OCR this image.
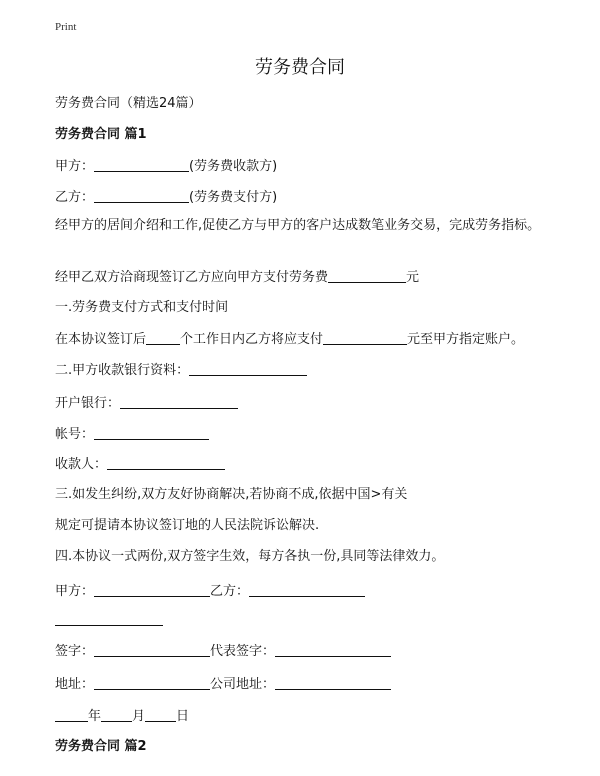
Print
劳务费合同
劳务费合同（精选24篇）
劳务费合同 篇1
甲方：	(劳务费收款方)
乙方：	(劳务费支付方)
经甲方的居间介绍和工作,促使乙方与甲方的客户达成数笔业务交易，完成劳务指标。
经甲乙双方洽商现签订乙方应向甲方支付劳务费	元
一.劳务费支付方式和支付时间
在本协议签订后	个工作日内乙方将应支付	元至甲方指定账户。
二.甲方收款银行资料：
开户银行：
帐号：
收款人：
三.如发生纠纷,双方友好协商解决,若协商不成,依据中国>有关
规定可提请本协议签订地的人民法院诉讼解决.
四.本协议一式两份,双方签字生效，每方各执一份,具同等法律效力。
甲方：	乙方：
签字：	代表签字：
地址：	公司地址：
年 月 日
劳务费合同 篇2
